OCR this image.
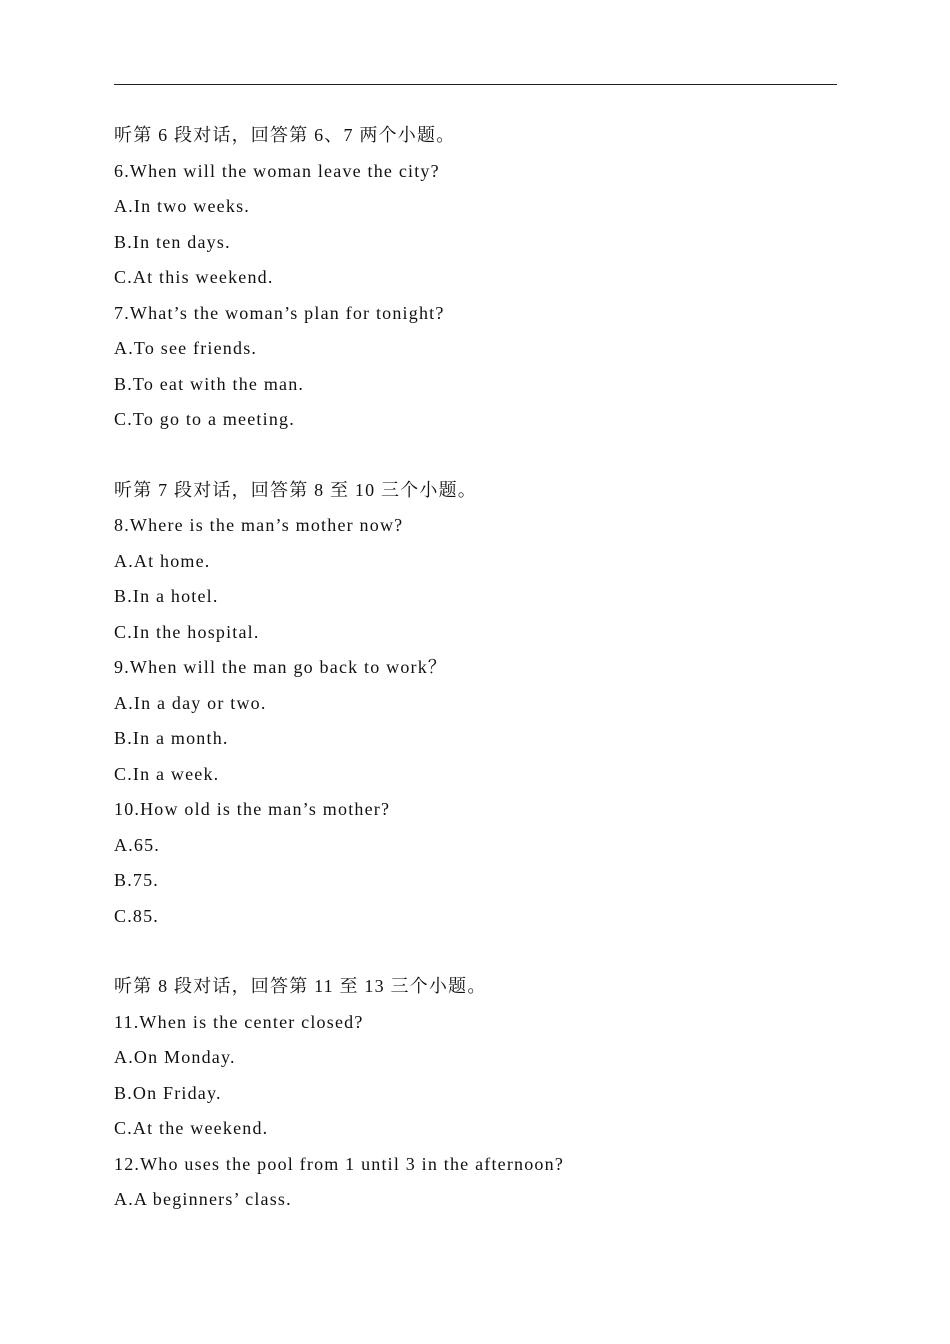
听第 6 段对话，回答第 6、7 两个小题。
6.When will the woman leave the city?
A.In two weeks.
B.In ten days.
C.At this weekend.
7.What’s the woman’s plan for tonight?
A.To see friends.
B.To eat with the man.
C.To go to a meeting.
听第 7 段对话，回答第 8 至 10 三个小题。
8.Where is the man’s mother now?
A.At home.
B.In a hotel.
C.In the hospital.
9.When will the man go back to work？
A.In a day or two.
B.In a month.
C.In a week.
10.How old is the man’s mother?
A.65.
B.75.
C.85.
听第 8 段对话，回答第 11 至 13 三个小题。
11.When is the center closed?
A.On Monday.
B.On Friday.
C.At the weekend.
12.Who uses the pool from 1 until 3 in the afternoon?
A.A beginners’ class.
